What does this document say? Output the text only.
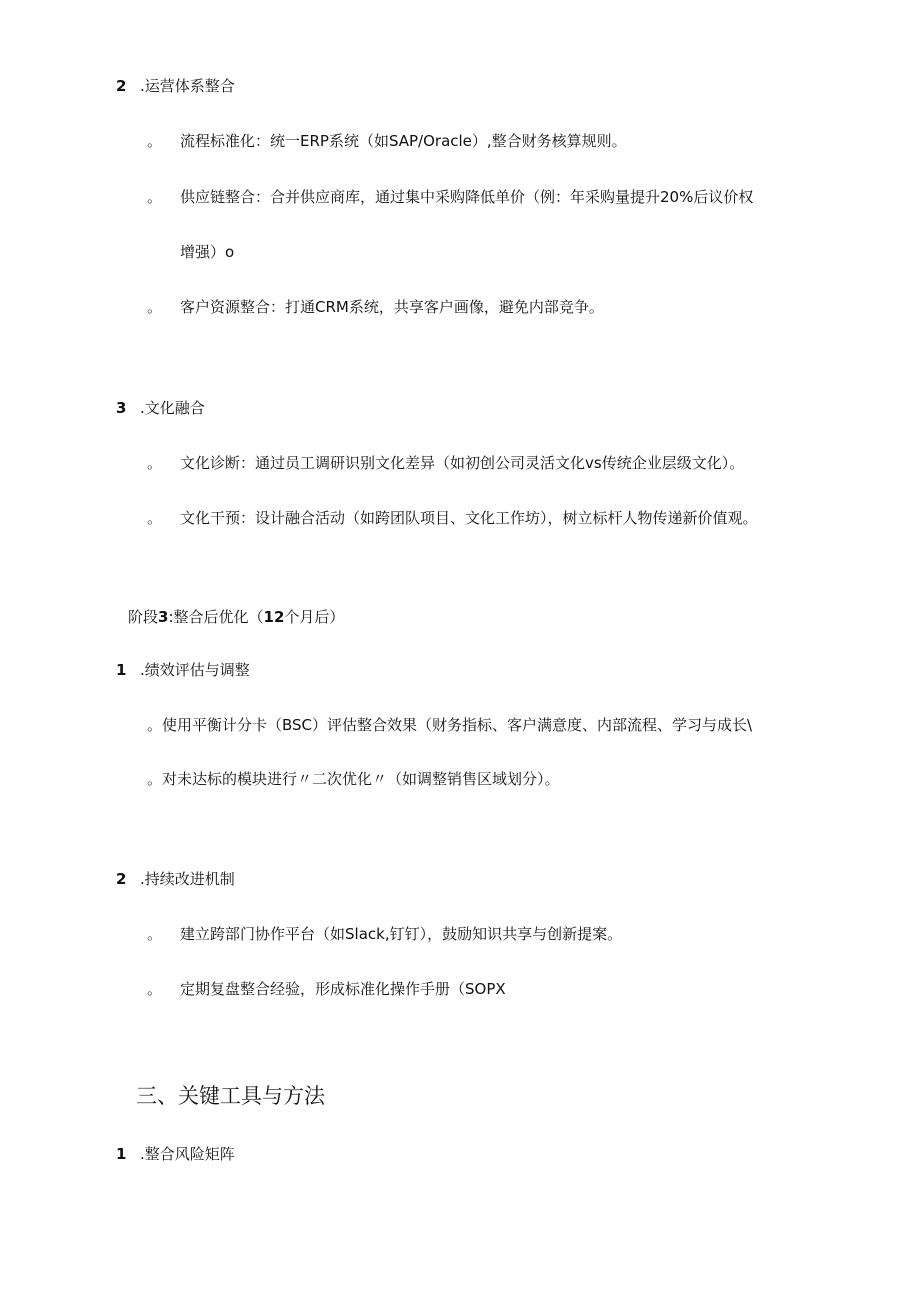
2 .运营体系整合
。 流程标准化：统一ERP系统（如SAP/Oracle）,整合财务核算规则。
。 供应链整合：合并供应商库，通过集中采购降低单价（例：年采购量提升20%后议价权
增强）o
。 客户资源整合：打通CRM系统，共享客户画像，避免内部竞争。
3 .文化融合
。 文化诊断：通过员工调研识别文化差异（如初创公司灵活文化vs传统企业层级文化）。
。 文化干预：设计融合活动（如跨团队项目、文化工作坊），树立标杆人物传递新价值观。
阶段3:整合后优化（12个月后）
1 .绩效评估与调整
。使用平衡计分卡（BSC）评估整合效果（财务指标、客户满意度、内部流程、学习与成长\
。对未达标的模块进行〃二次优化〃（如调整销售区域划分）。
2 .持续改进机制
。 建立跨部门协作平台（如Slack,钉钉），鼓励知识共享与创新提案。
。 定期复盘整合经验，形成标准化操作手册（SOPX
三、关键工具与方法
1 .整合风险矩阵
